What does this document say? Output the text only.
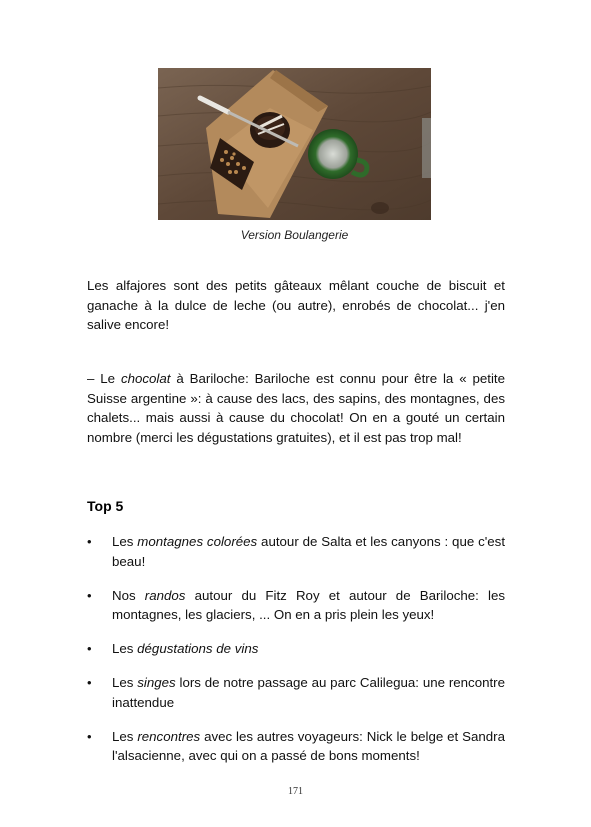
Version Boulangerie

Les alfajores sont des petits gâteaux mêlant couche de biscuit et ganache à la dulce de leche (ou autre), enrobés de chocolat... j'en salive encore!

– Le chocolat à Bariloche: Bariloche est connu pour être la « petite Suisse argentine »: à cause des lacs, des sapins, des montagnes, des chalets... mais aussi à cause du chocolat! On en a gouté un certain nombre (merci les dégustations gratuites), et il est pas trop mal!

Top 5
• Les montagnes colorées autour de Salta et les canyons : que c'est beau!
• Nos randos autour du Fitz Roy et autour de Bariloche: les montagnes, les glaciers, ... On en a pris plein les yeux!
• Les dégustations de vins
• Les singes lors de notre passage au parc Calilegua: une rencontre inattendue
• Les rencontres avec les autres voyageurs: Nick le belge et Sandra l'alsacienne, avec qui on a passé de bons moments!
171
